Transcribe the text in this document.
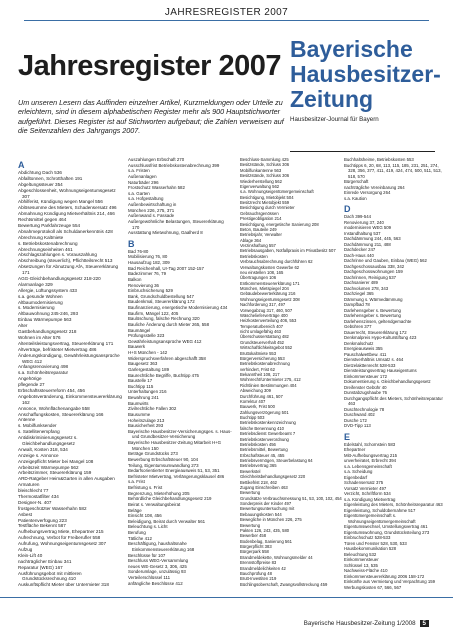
JAHRESREGISTER 2007
Jahresregister 2007
Bayerische Hausbesitzer-Zeitung
Hausbesitzer-Journal für Bayern
Um unseren Lesern das Auffinden einzelner Artikel, Kurzmeldungen oder Urteile zu erleichtern, sind in diesem alphabetischen Register mehr als 900 Hauptstichworter aufgeführt. Dieses Register ist auf Stichworten aufgebaut; die Zahlen verweisen auf die Seitenzahlen des Jahrgangs 2007.
A
Abdichtung Dach 536
Abfalltonnen, Schrotthaften 191
Abgeltungssteuer 354
Abgeschlossenheit, Wohnungseigentumsgesetz 307
Abhilferist, Kündigung wegen Mangel 556
Ablösesumme des Mieters, Schadensersatz 496
Abmahnung Kündigung Mietverhältnis 214, 466
Rechtsmittel gegen 464
Bewertung Parkfahrzeuge 554
Abnahmeprotokoll als Schuldanerkenntnis 428
Abrechnung Kaltmiete
s. Betriebskostenabrechnung
Abrechnungseinheiten 461
Abschlagszahlungen s. Vorauszahlung
Abschreibung (steuerlich), Pflichtteilsrecht 513
Absetzungen für Abnutzung AfA, Steuererklärung 171
AGG-Gleichbehandlungsgesetz 218-220
Alarmanlage 329
Allergie, Lüftungssystem 433
s.a. gesunde Wohnen
Altbaumodernisierung
s. Modernisierung
Altbauwohnung 245-246, 293
Einbau Wärmepumpe 563
Alter
Gastbehandlungsgesetz 218
Wohnen im Alter 576
Altenteilsleistungsvertrag, Steuererklärung 171
Altverträge, befristeter Mietvertrag 486
Änderungskündigung, Gewährleistungsansprüche WEG 412
Anfangsrenovierung 498
s.a. Schönheitsreparatur
Angehörige
pflegende 27
Erbschaftssteuerreform 454, 456
Angebotsveränderung, Einkommensteuererklärung 162
Annonce, Wohnflächenangabe 558
Anschaffungskosten, Steuererklärung 166
Antenne
s. Mobilfunksender
s. Satellitenempfang
Antidiskriminierungsgesetz s. Gleichbehandlungsgesetz
Anwalt, Kosten 318, 534
Anzeige s. Annonce
Anzeigepflicht Mieter bei Mangel 108
Arbeitszeit Wärmepumpe 562
Arbeitszimmer, Steuererklärung 159
ARD-Ratgeber Heim&Garten in allen Ausgaben
Armaturen
bleischlecht 77
Thermostatfilter 434
Designer-N. 407
frostgeschützter Wasserhahn 582
Asbest
Patientenverfügung 223
Testfläche Bekennt 587
Aufhebungsvertrag Miete, Ehepartner 215
Aufrechnung, Verbot für Freiberufler 558
Aufrufung, Wohnungseigentumsgesetz 307
Aufzug
Klein-Lift 40
nachträglicher Einbau 341
Reparatur (WEG) 167
Ausführungsgebot mit mittleren Grundstücksrechnung 410
Auskunftspflicht Mieter über Untermieter 318
Auszahlungen Erbschaft 270
Ausschlussfrist Betriebskostenabrechnung 399
s.a. Fristen
Außenanlagen
Naturbäder 296
Frostschutz Wasserhahn 582
s.a. Garten
s.a. Hofgestaltung
Außenbewirtschaftung in
München 226, 275, 371
Außenwand s. Fassade
Außergewöhnliche Belastungen, Steuererklärung 170
Ausstattung Mietwohnung, Gaalherd 8
B
Bad 76-80
Mobilisierung 76, 80
Hausaufzug 182, 309
Bad Reichenhall, Ur-Tag 2007 152-157
Badezimmer 76, 79
Balkon
Renovierung 36
Einbruchsicherung 529
Bank, Grundschuldbestellung 547
Baudenkmal, Steuererklärung 172
Baufinanzierung, energetische Modernisierung 434
Baufirm, Mängel 122, 405
Baulöschung, falsche Rechnung 320
Bauliche Änderung durch Mieter 265, 558
Baumängel
Prüfungsstelle 323
Gewährleistungsansprüche WEG 412
Bauwerk
H+S München - 142
Widerspruchsverfahren abgeschafft 358
Baugesetz 363
Garlergestaltung 189
Baurechtliche Begriffe, Buchtipp 475
Baustelle 17
Buchtipp 115
Unterhaltungen 216
Bewahrung 241
Baumwirts
Zivilrechtliche Fallen 302
Bausumme
Hoheitszulage 213
Bausicherheit 293
Bayerische Hausbesitzer-Versicherungsges. s. Haus- und Grundbesitzer-Versicherung
Bayerische Hausbesitzer-Zeitung Mitarbeit H+G München 150
Beträge Grundstücks 273
Bewerbung Erbschaftsteuer 90, 104
Teilung, Eigentumsumwandlung 273
Bedarfsorientierter Energieausweis 51, 53, 351
Befristeter Mietvertrag, Verlängerungsklausel 486
s.a. Frist
Befristung s. Frist
Begrenzung, Mieterhöhung 205
Behördliche Gleichbehandlungsgesetz 219
Beirat s. Verwaltungsbeirat
Beläge
Einsicht 108, 456
Beleidigung, Beirat durch Verwalter 561
Beleuchtung s. Licht
Berufung
Tätliche 412
Beschäftigung, haushaltsnahe Einkommensteuererklärung 168
Beschlüsse für 107
Beschluss WEG-Versammlung
neues WE-Gesetz 3, 306, 425
Sonderumlage, unzulässig 93
Verteilerschlüssel 111
anfängliche Beschlüsse 412
Beschluss-Sammlung 425
Besitzstände, Schluss 306
Mobilfunkantenne 563
Besitzstände, Schluss 306
Wiederherstellung 562
Eigenverwaltung 562
s.a. Wohnungseigentümergemeinschaft
Besichtigung, Mietobjekt 504
Besitzrecht Mietobjekt 559
Besichtigung durch Vermieter
Gebrauchsgenössen
Prestigeobligation 214
Besichtigung, energetische Sanierung 208
Beton, Bauteile 249
Betriebsjahr, Verwalter
Ablage 364
Verzinshaftung 557
Betriebsausgaben, Notfallpraxis im Privatbesitz 507
Betriebskosten
Verbrauchsabrechnung durchführen 62
Verwaltungskosten Gewerbe 62
neu einstellen 108, 165
Übertragungen 106
Entkommensteuererklärung 171
München, Mietspiegel 204
Gebäudebewerterklärung 216
Wohnungseigentumsgesetz 308
Nachforderung 317, 497
Vorwegabzug 317, 460, 507
Wäschelieferverträge 400
Heizkostenverteilung 406, 553
Temperaturbereich 407
nicht umlagefähig 463
Überschusserstattung 482
Grundsteuerverhalt 452
Wirtschaftlichkeitsgebot 552
Bruttokaltmiete 553
Bürgerversicherung 553
Betriebskostenabrechnung
verhindert, Frist 62
Bekanntheit 108, 217
Wohnrecht/Untermieter 275, 412
Richtlinien Bestimmungen 404
Abweichung 309
Durchführung 461, 507
Korrektur 407
Bauwerk, Frist 500
Zahlungsverzögerung 501
Buchtipp 503
Betriebskostenkennzeichnung
falsche Benennung 410
Betriebsdienst Gewerbeamt 7
Betriebskostenverordnung
Betriebskosten 456
Betriebsmittel, Bewertung
Erbschaftsteuer 45, 455
Betriebsvermögen, Steuerbelastung 64
Betriebsvertrag 365
Bewerkstel
Gleichheitsbehandlungsgesetz 220
Bettikefrist 218, 462
Zugang Einschreiben 463
Bewertung
Grundsätze Verbrauchsmessung 51, 53, 100, 102, 454
Sonderpreis der Kinder 497
Bewertungsuntersuchung mit
Bebauungskosten 544
Bewegliche in München 226, 275
Bewertung
Pakten 126, 243, 435, 580
Bewerber 458
Bodenbelag, Sanierung 561
Bürgerpflicht 383
Bürgerpark 558
Brandmeldekette, Wohnungsmelder 44
Brennstoffpreise 83
Brandmeldelichkeiten 42
Bauchprüfung 48
Brutt-Investiten 219
Büchlingsoberschaft, Zwangsvollstreckung 459
Buchhaltsheime, Betriebskosten 553
Buchtipps 6, 20, 68, 113, 115, 185, 231, 251, 274, 328, 356, 377, 411, 419, 424, 474, 500, 511, 513, 518, 570
Bürgerschaft
nachträgliche Vereinbarung 264
Einrede Versorgung 264
s.a. Kaution
D
Dach 399-544
Renovierung 37, 240
modernisieren WEG 509
Instandhaltung 537
Dachdämmung 244, 445, 563
Dachdämmung 211, 488
Dachdecker 247
Dach-Haus 440
Dachrinne und Gauben, Einbau (WEG) 562
Dachgeschossausbau 338, 342
Dachgeschosswohnungen 159
Dachrinnen, Reinigung 537
Dachsanierer 489
Dachvolumen 278, 343
Dachziegel 365
Dämmung s. Wärmedämmung
Dampfbad 78
Darlehensgeber s. Bewertung
Darlehensgeber s. Bewertung
Darlehenszinsen, geltendgemachte
Gebühren 377
Dauerrecht, Steuererklärung 172
Denkmalpreis Hypo-Kulturstiftung 423
Denkmalschutz
Energieausweis 355
Pauschalwettbew. 411
Dienstverhältnis Umsatz s. 464
Dietzelakttenrecht 528-533
Diensteistungsvertrag Hauseigentums
Einkommensteuer 172
Dokumentierung s. Gleichbehandlungsgesetz
Dreifenster Gebühr 40
Dunstabzugshaube 76
Durchgangspflicht des Mieters, Schönheitsreparatur 463
Duschtechnologie 78
Duschwand 402
Dusche 172
DVD-Tipp 113
E
Edelstahl, Schornstein 583
Ehepartner
Mitt-Aufhebungsvertrag 215
unverheiratet, Erbrecht 394
s.a. Lebensgemeinschaft
s.a. Scheidung
Eigenbedarf
Schadensersatz 375
Vorsatz Vermieter 497
Verzicht, Schriftform 534
s.a. Kündigung Mietvertrag
Eigenleistung des Mieters, Schönheitsreparatur 463
Eigenleistung, Schuldübernahme 517
Eigentümergemeinschaft s. Wohnungseigentümergemeinschaft
Eigentumswechsel, Umstellungsvertrag 461
Eigentumswohnung, Grundstücksteilung 273
Einbruchschutz 528-533
Türen und Fenster 528, 530, 533
Hausbekommunikation 528
Beleuchtung 532
Einkommensteuer
Schlüssel 13, 535
Nachweiss-Fläche 410
Einkommensteuererklärung 2006 158-172
Einkünfte aus Vermietung und Verpachtung 159
Werbungskosten 67, 566, 567
Bayerische Hausbesitzer-Zeitung 1/2008 5
